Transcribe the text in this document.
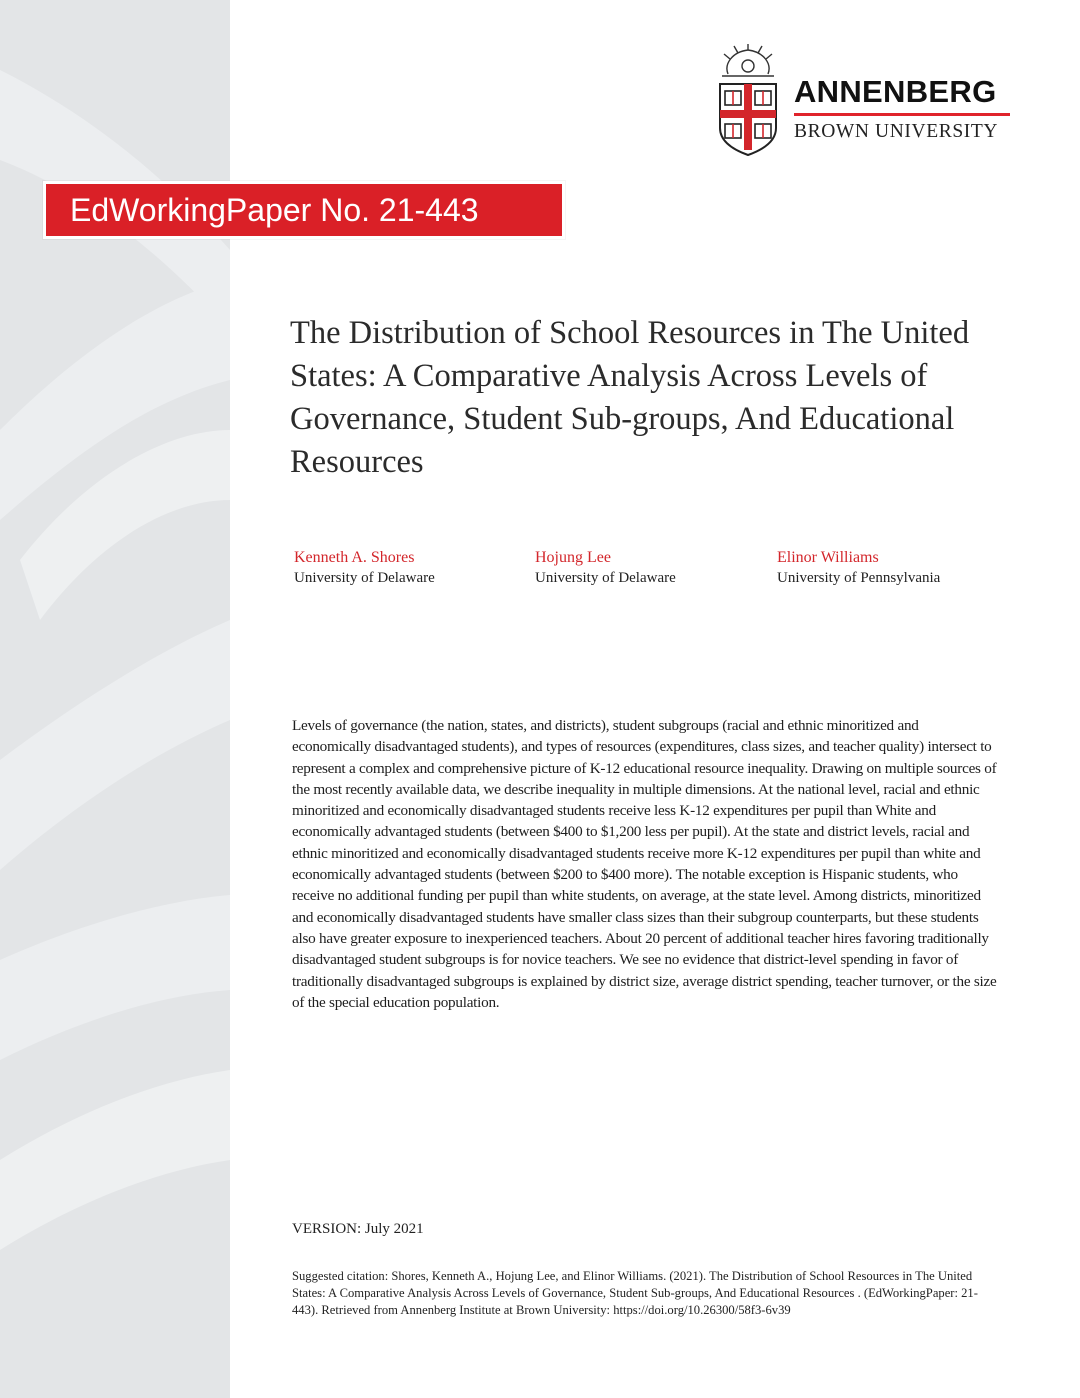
ANNENBERG
BROWN UNIVERSITY
EdWorkingPaper No. 21-443
The Distribution of School Resources in The United States: A Comparative Analysis Across Levels of Governance, Student Sub-groups, And Educational Resources
Kenneth A. Shores
University of Delaware
Hojung Lee
University of Delaware
Elinor Williams
University of Pennsylvania

Levels of governance (the nation, states, and districts), student subgroups (racial and ethnic minoritized and economically disadvantaged students), and types of resources (expenditures, class sizes, and teacher quality) intersect to represent a complex and comprehensive picture of K-12 educational resource inequality. Drawing on multiple sources of the most recently available data, we describe inequality in multiple dimensions. At the national level, racial and ethnic minoritized and economically disadvantaged students receive less K-12 expenditures per pupil than White and economically advantaged students (between $400 to $1,200 less per pupil). At the state and district levels, racial and ethnic minoritized and economically disadvantaged students receive more K-12 expenditures per pupil than white and economically advantaged students (between $200 to $400 more). The notable exception is Hispanic students, who receive no additional funding per pupil than white students, on average, at the state level. Among districts, minoritized and economically disadvantaged students have smaller class sizes than their subgroup counterparts, but these students also have greater exposure to inexperienced teachers. About 20 percent of additional teacher hires favoring traditionally disadvantaged student subgroups is for novice teachers. We see no evidence that district-level spending in favor of traditionally disadvantaged subgroups is explained by district size, average district spending, teacher turnover, or the size of the special education population.

VERSION: July 2021

Suggested citation: Shores, Kenneth A., Hojung Lee, and Elinor Williams. (2021). The Distribution of School Resources in The United States: A Comparative Analysis Across Levels of Governance, Student Sub-groups, And Educational Resources . (EdWorkingPaper: 21-443). Retrieved from Annenberg Institute at Brown University: https://doi.org/10.26300/58f3-6v39
